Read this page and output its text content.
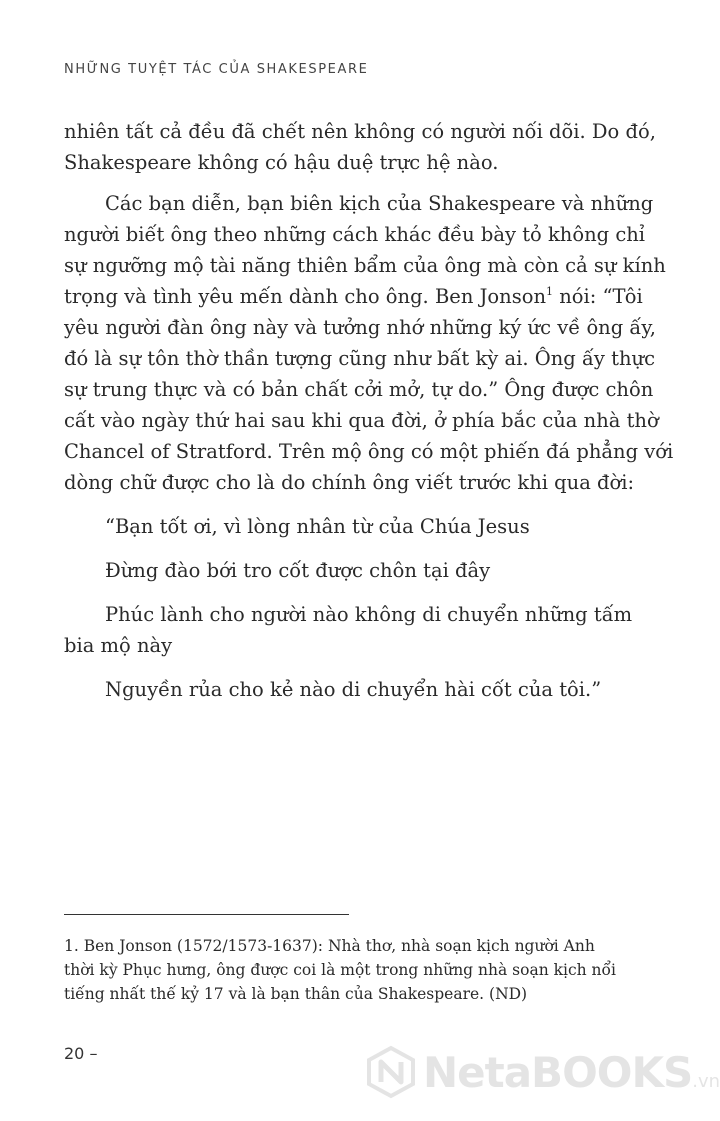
NHỮNG TUYỆT TÁC CỦA SHAKESPEARE
nhiên tất cả đều đã chết nên không có người nối dõi. Do đó,
Shakespeare không có hậu duệ trực hệ nào.
Các bạn diễn, bạn biên kịch của Shakespeare và những
người biết ông theo những cách khác đều bày tỏ không chỉ
sự ngưỡng mộ tài năng thiên bẩm của ông mà còn cả sự kính
trọng và tình yêu mến dành cho ông. Ben Jonson$^1$ nói: “Tôi
yêu người đàn ông này và tưởng nhớ những ký ức về ông ấy,
đó là sự tôn thờ thần tượng cũng như bất kỳ ai. Ông ấy thực
sự trung thực và có bản chất cởi mở, tự do.” Ông được chôn
cất vào ngày thứ hai sau khi qua đời, ở phía bắc của nhà thờ
Chancel of Stratford. Trên mộ ông có một phiến đá phẳng với
dòng chữ được cho là do chính ông viết trước khi qua đời:
“Bạn tốt ơi, vì lòng nhân từ của Chúa Jesus
Đừng đào bới tro cốt được chôn tại đây
Phúc lành cho người nào không di chuyển những tấm
bia mộ này
Nguyền rủa cho kẻ nào di chuyển hài cốt của tôi.”
1. Ben Jonson (1572/1573-1637): Nhà thơ, nhà soạn kịch người Anh
thời kỳ Phục hưng, ông được coi là một trong những nhà soạn kịch nổi
tiếng nhất thế kỷ 17 và là bạn thân của Shakespeare. (ND)
20 –	NetaBOOKS.vn
